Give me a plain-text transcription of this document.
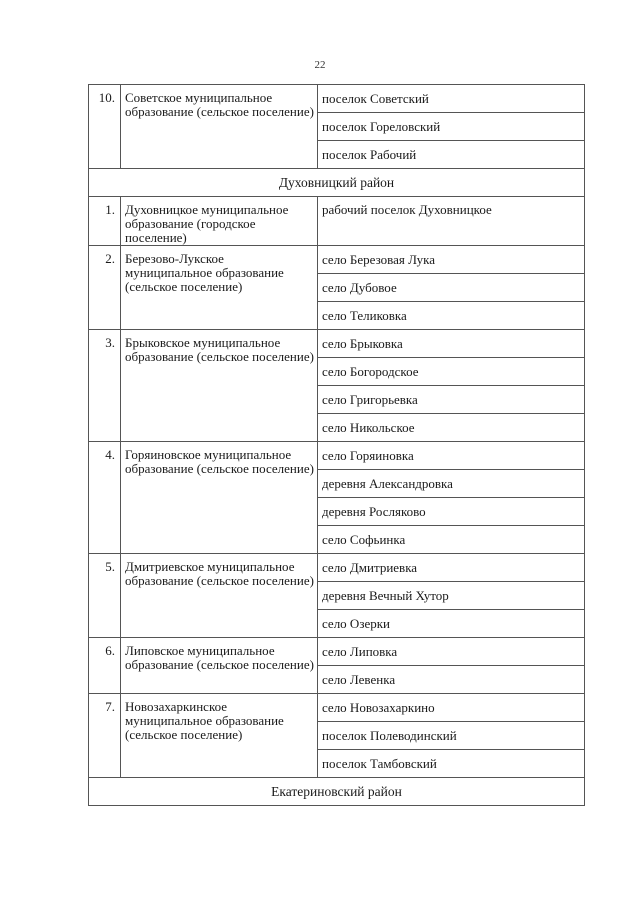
22
10.	Советское муниципальное образование (сельское поселение)	поселок Советский
		поселок Гореловский
		поселок Рабочий
Духовницкий район		
1.	Духовницкое муниципальное образование (городское поселение)	рабочий поселок Духовницкое
2.	Березово-Лукское муниципальное образование (сельское поселение)	село Березовая Лука
		село Дубовое
		село Теликовка
3.	Брыковское муниципальное образование (сельское поселение)	село Брыковка
		село Богородское
		село Григорьевка
		село Никольское
4.	Горяиновское муниципальное образование (сельское поселение)	село Горяиновка
		деревня Александровка
		деревня Росляково
		село Софьинка
5.	Дмитриевское муниципальное образование (сельское поселение)	село Дмитриевка
		деревня Вечный Хутор
		село Озерки
6.	Липовское муниципальное образование (сельское поселение)	село Липовка
		село Левенка
7.	Новозахаркинское муниципальное образование (сельское поселение)	село Новозахаркино
		поселок Полеводинский
		поселок Тамбовский
Екатериновский район		
